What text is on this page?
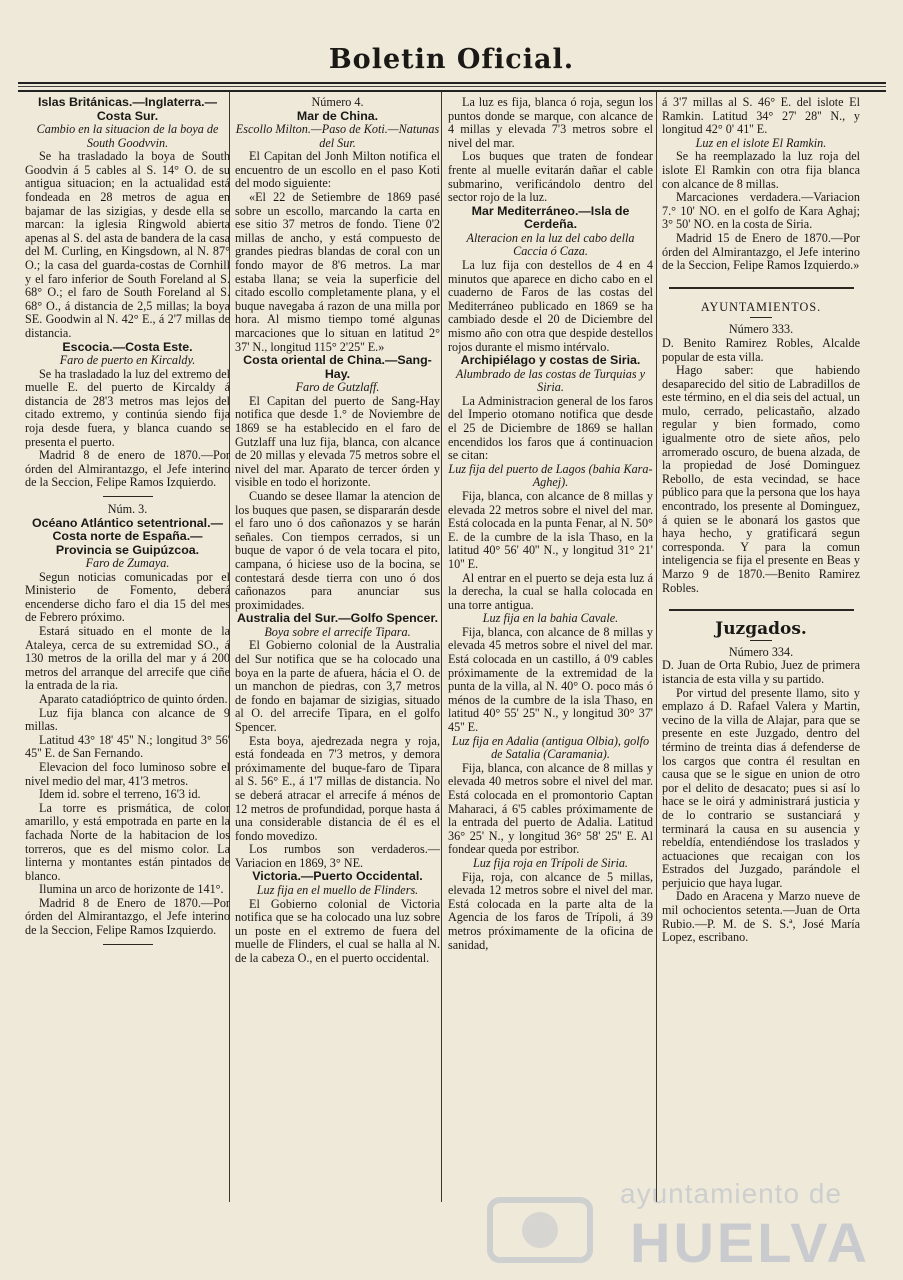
Boletin Oficial.

Islas Británicas.—Inglaterra.—Costa Sur.

Cambio en la situacion de la boya de South Goodvvin.

Se ha trasladado la boya de South Goodvin á 5 cables al S. 14° O. de su antigua situacion; en la actualidad está fondeada en 28 metros de agua en bajamar de las sizigias, y desde ella se marcan: la iglesia Ringwold abierta apenas al S. del asta de bandera de la casa del M. Curling, en Kingsdown, al N. 87° O.; la casa del guarda-costas de Cornhill y el faro inferior de South Foreland al S. 68° O.; el faro de South Foreland al S. 68° O., á distancia de 2,5 millas; la boya SE. Goodwin al N. 42° E., á 2'7 millas de distancia.

Escocia.—Costa Este.

Faro de puerto en Kircaldy.

Se ha trasladado la luz del extremo del muelle E. del puerto de Kircaldy á distancia de 28'3 metros mas lejos del citado extremo, y continúa siendo fija roja desde fuera, y blanca cuando se presenta el puerto.

Madrid 8 de enero de 1870.—Por órden del Almirantazgo, el Jefe interino de la Seccion, Felipe Ramos Izquierdo.

Núm. 3.

Océano Atlántico setentrional.—Costa norte de España.—Provincia se Guipúzcoa.

Faro de Zumaya.

Segun noticias comunicadas por el Ministerio de Fomento, deberá encenderse dicho faro el dia 15 del mes de Febrero próximo.

Estará situado en el monte de la Ataleya, cerca de su extremidad SO., á 130 metros de la orilla del mar y á 200 metros del arranque del arrecife que ciñe la entrada de la ria.

Aparato catadióptrico de quinto órden.

Luz fija blanca con alcance de 9 millas.

Latitud 43° 18' 45'' N.; longitud 3° 56' 45'' E. de San Fernando.

Elevacion del foco luminoso sobre el nivel medio del mar, 41'3 metros.

Idem id. sobre el terreno, 16'3 id.

La torre es prismática, de color amarillo, y está empotrada en parte en la fachada Norte de la habitacion de los torreros, que es del mismo color. La linterna y montantes están pintados de blanco.

Ilumina un arco de horizonte de 141°.

Madrid 8 de Enero de 1870.—Por órden del Almirantazgo, el Jefe interino de la Seccion, Felipe Ramos Izquierdo.

Número 4.

Mar de China.

Escollo Milton.—Paso de Koti.—Natunas del Sur.

El Capitan del Jonh Milton notifica el encuentro de un escollo en el paso Koti del modo siguiente:

«El 22 de Setiembre de 1869 pasé sobre un escollo, marcando la carta en ese sitio 37 metros de fondo. Tiene 0'2 millas de ancho, y está compuesto de grandes piedras blandas de coral con un fondo mayor de 8'6 metros. La mar estaba llana; se veia la superficie del citado escollo completamente plana, y el buque navegaba á razon de una milla por hora. Al mismo tiempo tomé algunas marcaciones que lo situan en latitud 2° 37' N., longitud 115° 2'25'' E.»

Costa oriental de China.—Sang-Hay.

Faro de Gutzlaff.

El Capitan del puerto de Sang-Hay notifica que desde 1.° de Noviembre de 1869 se ha establecido en el faro de Gutzlaff una luz fija, blanca, con alcance de 20 millas y elevada 75 metros sobre el nivel del mar. Aparato de tercer órden y visible en todo el horizonte.

Cuando se desee llamar la atencion de los buques que pasen, se dispararán desde el faro uno ó dos cañonazos y se harán señales. Con tiempos cerrados, si un buque de vapor ó de vela tocara el pito, campana, ó hiciese uso de la bocina, se contestará desde tierra con uno ó dos cañonazos para anunciar sus proximidades.

Australia del Sur.—Golfo Spencer.

Boya sobre el arrecife Tipara.

El Gobierno colonial de la Australia del Sur notifica que se ha colocado una boya en la parte de afuera, hácia el O. de un manchon de piedras, con 3,7 metros de fondo en bajamar de sizigias, situado al O. del arrecife Tipara, en el golfo Spencer.

Esta boya, ajedrezada negra y roja, está fondeada en 7'3 metros, y demora próximamente del buque-faro de Tipara al S. 56° E., á 1'7 millas de distancia. No se deberá atracar el arrecife á ménos de 12 metros de profundidad, porque hasta á una considerable distancia de él es el fondo movedizo.

Los rumbos son verdaderos.—Variacion en 1869, 3° NE.

Victoria.—Puerto Occidental.

Luz fija en el muello de Flinders.

El Gobierno colonial de Victoria notifica que se ha colocado una luz sobre un poste en el extremo de fuera del muelle de Flinders, el cual se halla al N. de la cabeza O., en el puerto occidental.

La luz es fija, blanca ó roja, segun los puntos donde se marque, con alcance de 4 millas y elevada 7'3 metros sobre el nivel del mar.

Los buques que traten de fondear frente al muelle evitarán dañar el cable submarino, verificándolo dentro del sector rojo de la luz.

Mar Mediterráneo.—Isla de Cerdeña.

Alteracion en la luz del cabo della Caccia ó Caza.

La luz fija con destellos de 4 en 4 minutos que aparece en dicho cabo en el cuaderno de Faros de las costas del Mediterráneo publicado en 1869 se ha cambiado desde el 20 de Diciembre del mismo año con otra que despide destellos rojos durante el mismo intérvalo.

Archipiélago y costas de Siria.

Alumbrado de las costas de Turquias y Siria.

La Administracion general de los faros del Imperio otomano notifica que desde el 25 de Diciembre de 1869 se hallan encendidos los faros que á continuacion se citan:

Luz fija del puerto de Lagos (bahia Kara-Aghej).

Fija, blanca, con alcance de 8 millas y elevada 22 metros sobre el nivel del mar. Está colocada en la punta Fenar, al N. 50° E. de la cumbre de la isla Thaso, en la latitud 40° 56' 40'' N., y longitud 31° 21' 10'' E.

Al entrar en el puerto se deja esta luz á la derecha, la cual se halla colocada en una torre antigua.

Luz fija en la bahia Cavale.

Fija, blanca, con alcance de 8 millas y elevada 45 metros sobre el nivel del mar. Está colocada en un castillo, á 0'9 cables próximamente de la extremidad de la punta de la villa, al N. 40° O. poco más ó ménos de la cumbre de la isla Thaso, en latitud 40° 55' 25'' N., y longitud 30° 37' 45'' E.

Luz fija en Adalia (antigua Olbia), golfo de Satalia (Caramania).

Fija, blanca, con alcance de 8 millas y elevada 40 metros sobre el nivel del mar. Está colocada en el promontorio Captan Maharaci, á 6'5 cables próximamente de la entrada del puerto de Adalia. Latitud 36° 25' N., y longitud 36° 58' 25'' E. Al fondear queda por estribor.

Luz fija roja en Trípoli de Siria.

Fija, roja, con alcance de 5 millas, elevada 12 metros sobre el nivel del mar. Está colocada en la parte alta de la Agencia de los faros de Trípoli, á 39 metros próximamente de la oficina de sanidad,

á 3'7 millas al S. 46° E. del islote El Ramkin. Latitud 34° 27' 28'' N., y longitud 42° 0' 41'' E.

Luz en el islote El Ramkin.

Se ha reemplazado la luz roja del islote El Ramkin con otra fija blanca con alcance de 8 millas.

Marcaciones verdadera.—Variacion 7.° 10' NO. en el golfo de Kara Aghaj; 3° 50' NO. en la costa de Siria.

Madrid 15 de Enero de 1870.—Por órden del Almirantazgo, el Jefe interino de la Seccion, Felipe Ramos Izquierdo.»

AYUNTAMIENTOS.

Número 333.

D. Benito Ramirez Robles, Alcalde popular de esta villa.

Hago saber: que habiendo desaparecido del sitio de Labradillos de este término, en el dia seis del actual, un mulo, cerrado, pelicastaño, alzado regular y bien formado, como igualmente otro de siete años, pelo arromerado oscuro, de buena alzada, de la propiedad de José Dominguez Rebollo, de esta vecindad, se hace público para que la persona que los haya encontrado, los presente al Dominguez, á quien se le abonará los gastos que haya hecho, y gratificará segun corresponda. Y para la comun inteligencia se fija el presente en Beas y Marzo 9 de 1870.—Benito Ramirez Robles.

Juzgados.

Número 334.

D. Juan de Orta Rubio, Juez de primera istancia de esta villa y su partido.

Por virtud del presente llamo, sito y emplazo á D. Rafael Valera y Martin, vecino de la villa de Alajar, para que se presente en este Juzgado, dentro del término de treinta dias á defenderse de los cargos que contra él resultan en causa que se le sigue en union de otro por el delito de desacato; pues si así lo hace se le oirá y administrará justicia y de lo contrario se sustanciará y terminará la causa en su ausencia y rebeldía, entendiéndose los traslados y actuaciones que recaigan con los Estrados del Juzgado, parándole el perjuicio que haya lugar.

Dado en Aracena y Marzo nueve de mil ochocientos setenta.—Juan de Orta Rubio.—P. M. de S. S.ª, José María Lopez, escribano.

ayuntamiento de
HUELVA
